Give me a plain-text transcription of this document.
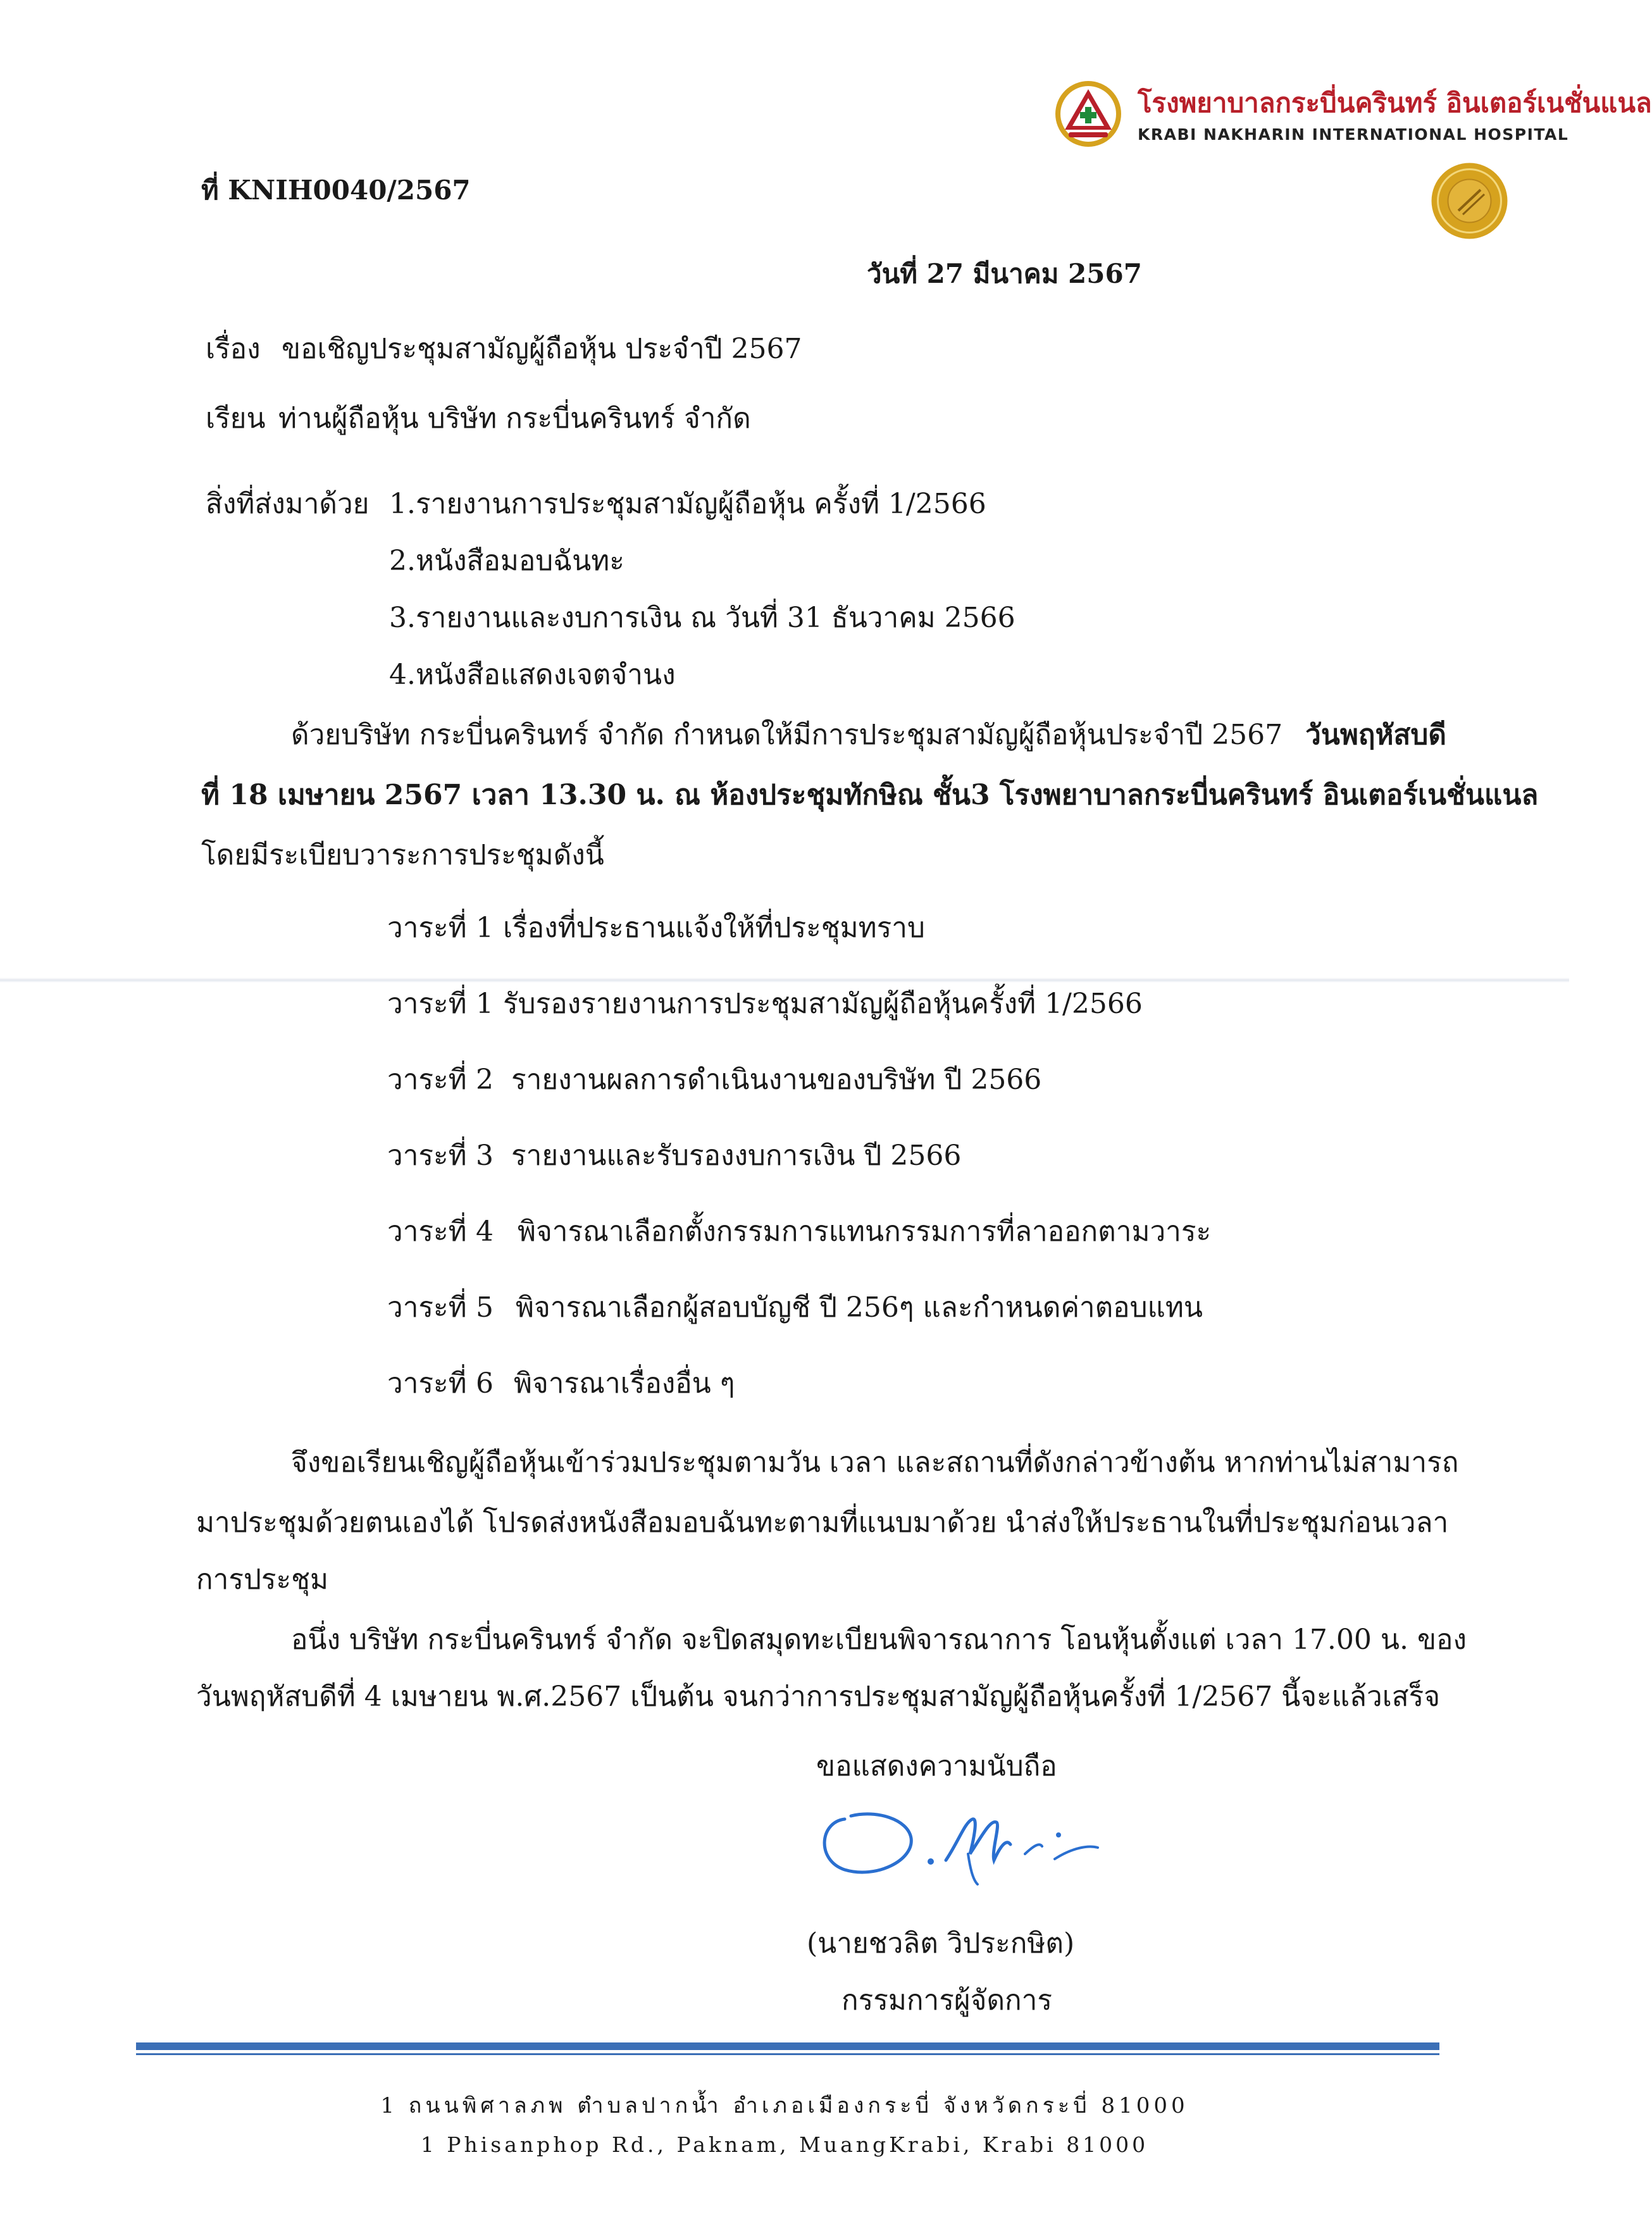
โรงพยาบาลกระบี่นครินทร์ อินเตอร์เนชั่นแนล
KRABI NAKHARIN INTERNATIONAL HOSPITAL
ที่ KNIH0040/2567
วันที่ 27 มีนาคม 2567
เรื่อง ขอเชิญประชุมสามัญผู้ถือหุ้น ประจำปี 2567
เรียน ท่านผู้ถือหุ้น บริษัท กระบี่นครินทร์ จำกัด
สิ่งที่ส่งมาด้วย 1.รายงานการประชุมสามัญผู้ถือหุ้น ครั้งที่ 1/2566
2.หนังสือมอบฉันทะ
3.รายงานและงบการเงิน ณ วันที่ 31 ธันวาคม 2566
4.หนังสือแสดงเจตจำนง
ด้วยบริษัท กระบี่นครินทร์ จำกัด กำหนดให้มีการประชุมสามัญผู้ถือหุ้นประจำปี 2567 วันพฤหัสบดี
ที่ 18 เมษายน 2567 เวลา 13.30 น. ณ ห้องประชุมทักษิณ ชั้น3 โรงพยาบาลกระบี่นครินทร์ อินเตอร์เนชั่นแนล
โดยมีระเบียบวาระการประชุมดังนี้
วาระที่ 1 เรื่องที่ประธานแจ้งให้ที่ประชุมทราบ
วาระที่ 1 รับรองรายงานการประชุมสามัญผู้ถือหุ้นครั้งที่ 1/2566
วาระที่ 2 รายงานผลการดำเนินงานของบริษัท ปี 2566
วาระที่ 3 รายงานและรับรองงบการเงิน ปี 2566
วาระที่ 4 พิจารณาเลือกตั้งกรรมการแทนกรรมการที่ลาออกตามวาระ
วาระที่ 5 พิจารณาเลือกผู้สอบบัญชี ปี 256ๆ และกำหนดค่าตอบแทน
วาระที่ 6 พิจารณาเรื่องอื่น ๆ
จึงขอเรียนเชิญผู้ถือหุ้นเข้าร่วมประชุมตามวัน เวลา และสถานที่ดังกล่าวข้างต้น หากท่านไม่สามารถ
มาประชุมด้วยตนเองได้ โปรดส่งหนังสือมอบฉันทะตามที่แนบมาด้วย นำส่งให้ประธานในที่ประชุมก่อนเวลา
การประชุม
อนึ่ง บริษัท กระบี่นครินทร์ จำกัด จะปิดสมุดทะเบียนพิจารณาการ โอนหุ้นตั้งแต่ เวลา 17.00 น. ของ
วันพฤหัสบดีที่ 4 เมษายน พ.ศ.2567 เป็นต้น จนกว่าการประชุมสามัญผู้ถือหุ้นครั้งที่ 1/2567 นี้จะแล้วเสร็จ
ขอแสดงความนับถือ
(นายชวลิต วิประกษิต)
กรรมการผู้จัดการ
1 ถนนพิศาลภพ ตำบลปากน้ำ อำเภอเมืองกระบี่ จังหวัดกระบี่ 81000
1 Phisanphop Rd., Paknam, MuangKrabi, Krabi 81000
